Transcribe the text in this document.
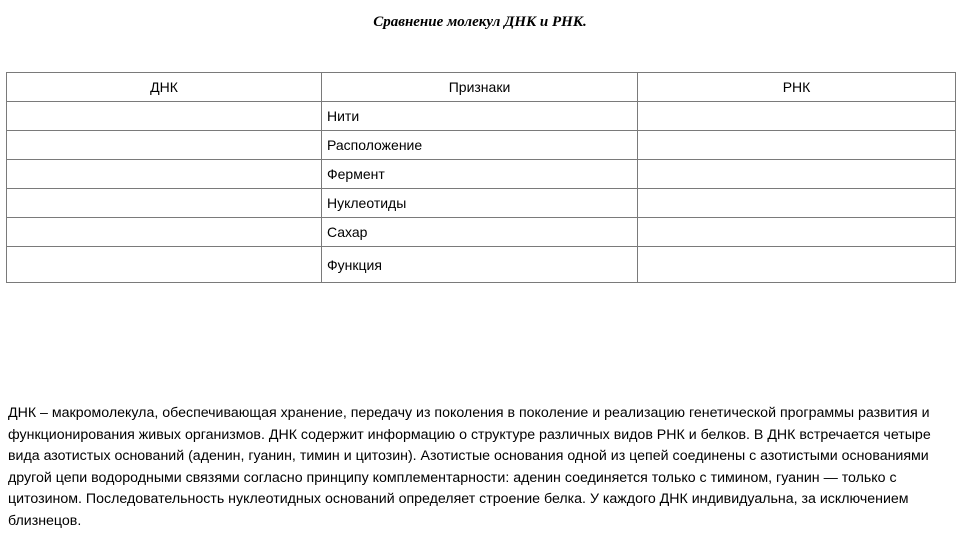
Сравнение молекул ДНК и РНК.
ДНК	Признаки	РНК
	Нити	
	Расположение	
	Фермент	
	Нуклеотиды	
	Сахар	
	Функция	

ДНК – макромолекула, обеспечивающая хранение, передачу из поколения в поколение и реализацию генетической программы развития и функционирования живых организмов. ДНК содержит информацию о структуре различных видов РНК и белков. В ДНК встречается четыре вида азотистых оснований (аденин, гуанин, тимин и цитозин). Азотистые основания одной из цепей соединены с азотистыми основаниями другой цепи водородными связями согласно принципу комплементарности: аденин соединяется только с тимином, гуанин — только с цитозином. Последовательность нуклеотидных оснований определяет строение белка. У каждого ДНК индивидуальна, за исключением близнецов.
